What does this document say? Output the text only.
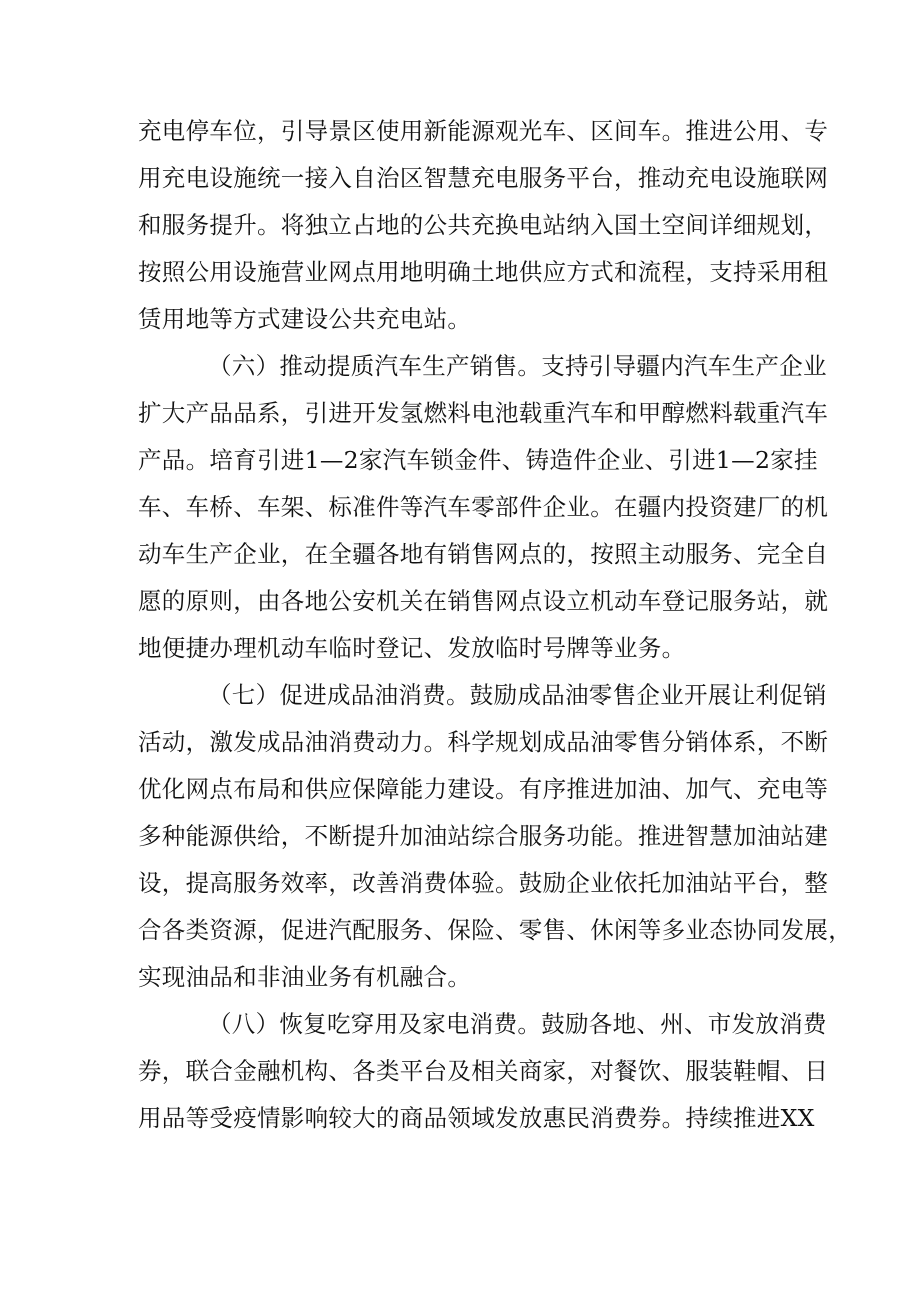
充电停车位，引导景区使用新能源观光车、区间车。推进公用、专
用充电设施统一接入自治区智慧充电服务平台，推动充电设施联网
和服务提升。将独立占地的公共充换电站纳入国土空间详细规划，
按照公用设施营业网点用地明确土地供应方式和流程，支持采用租
赁用地等方式建设公共充电站。
（六）推动提质汽车生产销售。支持引导疆内汽车生产企业
扩大产品品系，引进开发氢燃料电池载重汽车和甲醇燃料载重汽车
产品。培育引进1—2家汽车锁金件、铸造件企业、引进1—2家挂
车、车桥、车架、标准件等汽车零部件企业。在疆内投资建厂的机
动车生产企业，在全疆各地有销售网点的，按照主动服务、完全自
愿的原则，由各地公安机关在销售网点设立机动车登记服务站，就
地便捷办理机动车临时登记、发放临时号牌等业务。
（七）促进成品油消费。鼓励成品油零售企业开展让利促销
活动，激发成品油消费动力。科学规划成品油零售分销体系，不断
优化网点布局和供应保障能力建设。有序推进加油、加气、充电等
多种能源供给，不断提升加油站综合服务功能。推进智慧加油站建
设，提高服务效率，改善消费体验。鼓励企业依托加油站平台，整
合各类资源，促进汽配服务、保险、零售、休闲等多业态协同发展，
实现油品和非油业务有机融合。
（八）恢复吃穿用及家电消费。鼓励各地、州、市发放消费
券，联合金融机构、各类平台及相关商家，对餐饮、服装鞋帽、日
用品等受疫情影响较大的商品领域发放惠民消费券。持续推进XX
